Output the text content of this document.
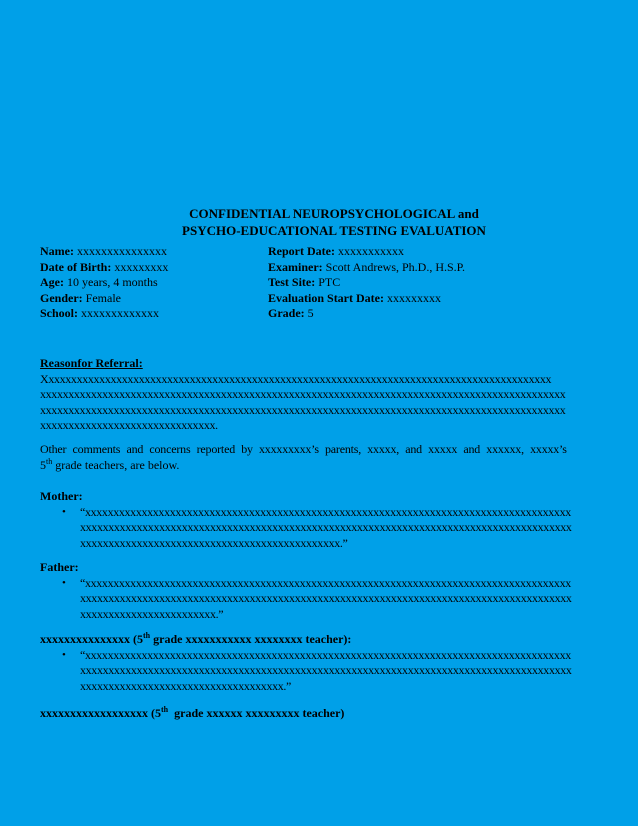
CONFIDENTIAL NEUROPSYCHOLOGICAL and
PSYCHO-EDUCATIONAL TESTING EVALUATION
Name: xxxxxxxxxxxxxxx	Report Date: xxxxxxxxxxx
Date of Birth: xxxxxxxxx	Examiner: Scott Andrews, Ph.D., H.S.P.
Age: 10 years, 4 months	Test Site: PTC
Gender: Female	Evaluation Start Date: xxxxxxxxx
School: xxxxxxxxxxxxx	Grade: 5
Reasonfor Referral:
Xxxxxxxxxxxxxxxxxxxxxxxxxxxxxxxxxxxxxxxxxxxxxxxxxxxxxxxxxxxxxxxxxxxxxxxxxxxxxxxxxxxxxxxxxx
xxxxxxxxxxxxxxxxxxxxxxxxxxxxxxxxxxxxxxxxxxxxxxxxxxxxxxxxxxxxxxxxxxxxxxxxxxxxxxxxxxxxxxxxxxxxx
xxxxxxxxxxxxxxxxxxxxxxxxxxxxxxxxxxxxxxxxxxxxxxxxxxxxxxxxxxxxxxxxxxxxxxxxxxxxxxxxxxxxxxxxxxxxx
xxxxxxxxxxxxxxxxxxxxxxxxxxxxxxx.
Other comments and concerns reported by xxxxxxxxx’s parents, xxxxx, and xxxxx and xxxxxx, xxxxx’s
5th grade teachers, are below.
Mother:
• “xxxxxxxxxxxxxxxxxxxxxxxxxxxxxxxxxxxxxxxxxxxxxxxxxxxxxxxxxxxxxxxxxxxxxxxxxxxxxxxxxxxxxx
xxxxxxxxxxxxxxxxxxxxxxxxxxxxxxxxxxxxxxxxxxxxxxxxxxxxxxxxxxxxxxxxxxxxxxxxxxxxxxxxxxxxxxx
xxxxxxxxxxxxxxxxxxxxxxxxxxxxxxxxxxxxxxxxxxxxxx.”
Father:
• “xxxxxxxxxxxxxxxxxxxxxxxxxxxxxxxxxxxxxxxxxxxxxxxxxxxxxxxxxxxxxxxxxxxxxxxxxxxxxxxxxxxxxx
xxxxxxxxxxxxxxxxxxxxxxxxxxxxxxxxxxxxxxxxxxxxxxxxxxxxxxxxxxxxxxxxxxxxxxxxxxxxxxxxxxxxxxx
xxxxxxxxxxxxxxxxxxxxxxxx.”
xxxxxxxxxxxxxxx (5th grade xxxxxxxxxxx xxxxxxxx teacher):
• “xxxxxxxxxxxxxxxxxxxxxxxxxxxxxxxxxxxxxxxxxxxxxxxxxxxxxxxxxxxxxxxxxxxxxxxxxxxxxxxxxxxxxx
xxxxxxxxxxxxxxxxxxxxxxxxxxxxxxxxxxxxxxxxxxxxxxxxxxxxxxxxxxxxxxxxxxxxxxxxxxxxxxxxxxxxxxx
xxxxxxxxxxxxxxxxxxxxxxxxxxxxxxxxxxxx.”
xxxxxxxxxxxxxxxxxx (5th  grade xxxxxx xxxxxxxxx teacher)
